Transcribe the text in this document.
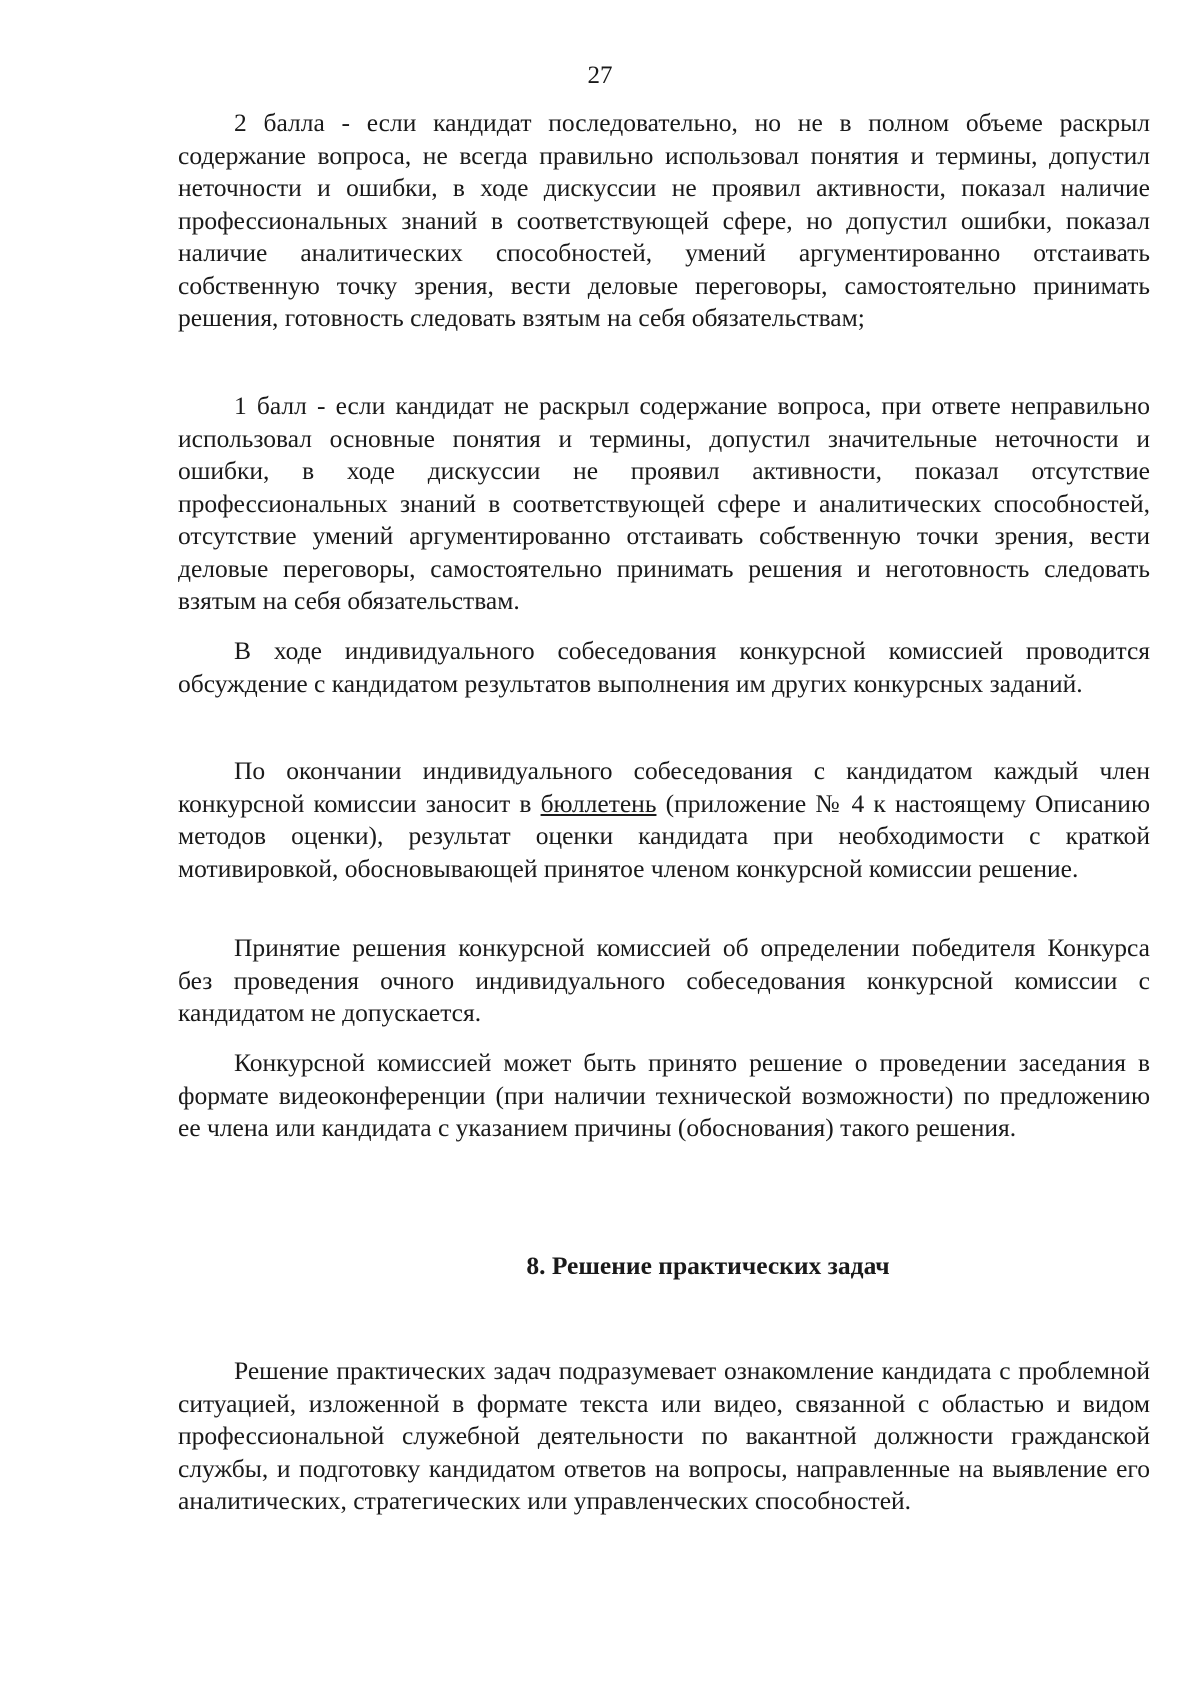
27

2 балла - если кандидат последовательно, но не в полном объеме раскрыл содержание вопроса, не всегда правильно использовал понятия и термины, допустил неточности и ошибки, в ходе дискуссии не проявил активности, показал наличие профессиональных знаний в соответствующей сфере, но допустил ошибки, показал наличие аналитических способностей, умений аргументированно отстаивать собственную точку зрения, вести деловые переговоры, самостоятельно принимать решения, готовность следовать взятым на себя обязательствам;

1 балл - если кандидат не раскрыл содержание вопроса, при ответе неправильно использовал основные понятия и термины, допустил значительные неточности и ошибки, в ходе дискуссии не проявил активности, показал отсутствие профессиональных знаний в соответствующей сфере и аналитических способностей, отсутствие умений аргументированно отстаивать собственную точки зрения, вести деловые переговоры, самостоятельно принимать решения и неготовность следовать взятым на себя обязательствам.

В ходе индивидуального собеседования конкурсной комиссией проводится обсуждение с кандидатом результатов выполнения им других конкурсных заданий.

По окончании индивидуального собеседования с кандидатом каждый член конкурсной комиссии заносит в бюллетень (приложение № 4 к настоящему Описанию методов оценки), результат оценки кандидата при необходимости с краткой мотивировкой, обосновывающей принятое членом конкурсной комиссии решение.

Принятие решения конкурсной комиссией об определении победителя Конкурса без проведения очного индивидуального собеседования конкурсной комиссии с кандидатом не допускается.

Конкурсной комиссией может быть принято решение о проведении заседания в формате видеоконференции (при наличии технической возможности) по предложению ее члена или кандидата с указанием причины (обоснования) такого решения.

8. Решение практических задач

Решение практических задач подразумевает ознакомление кандидата с проблемной ситуацией, изложенной в формате текста или видео, связанной с областью и видом профессиональной служебной деятельности по вакантной должности гражданской службы, и подготовку кандидатом ответов на вопросы, направленные на выявление его аналитических, стратегических или управленческих способностей.
